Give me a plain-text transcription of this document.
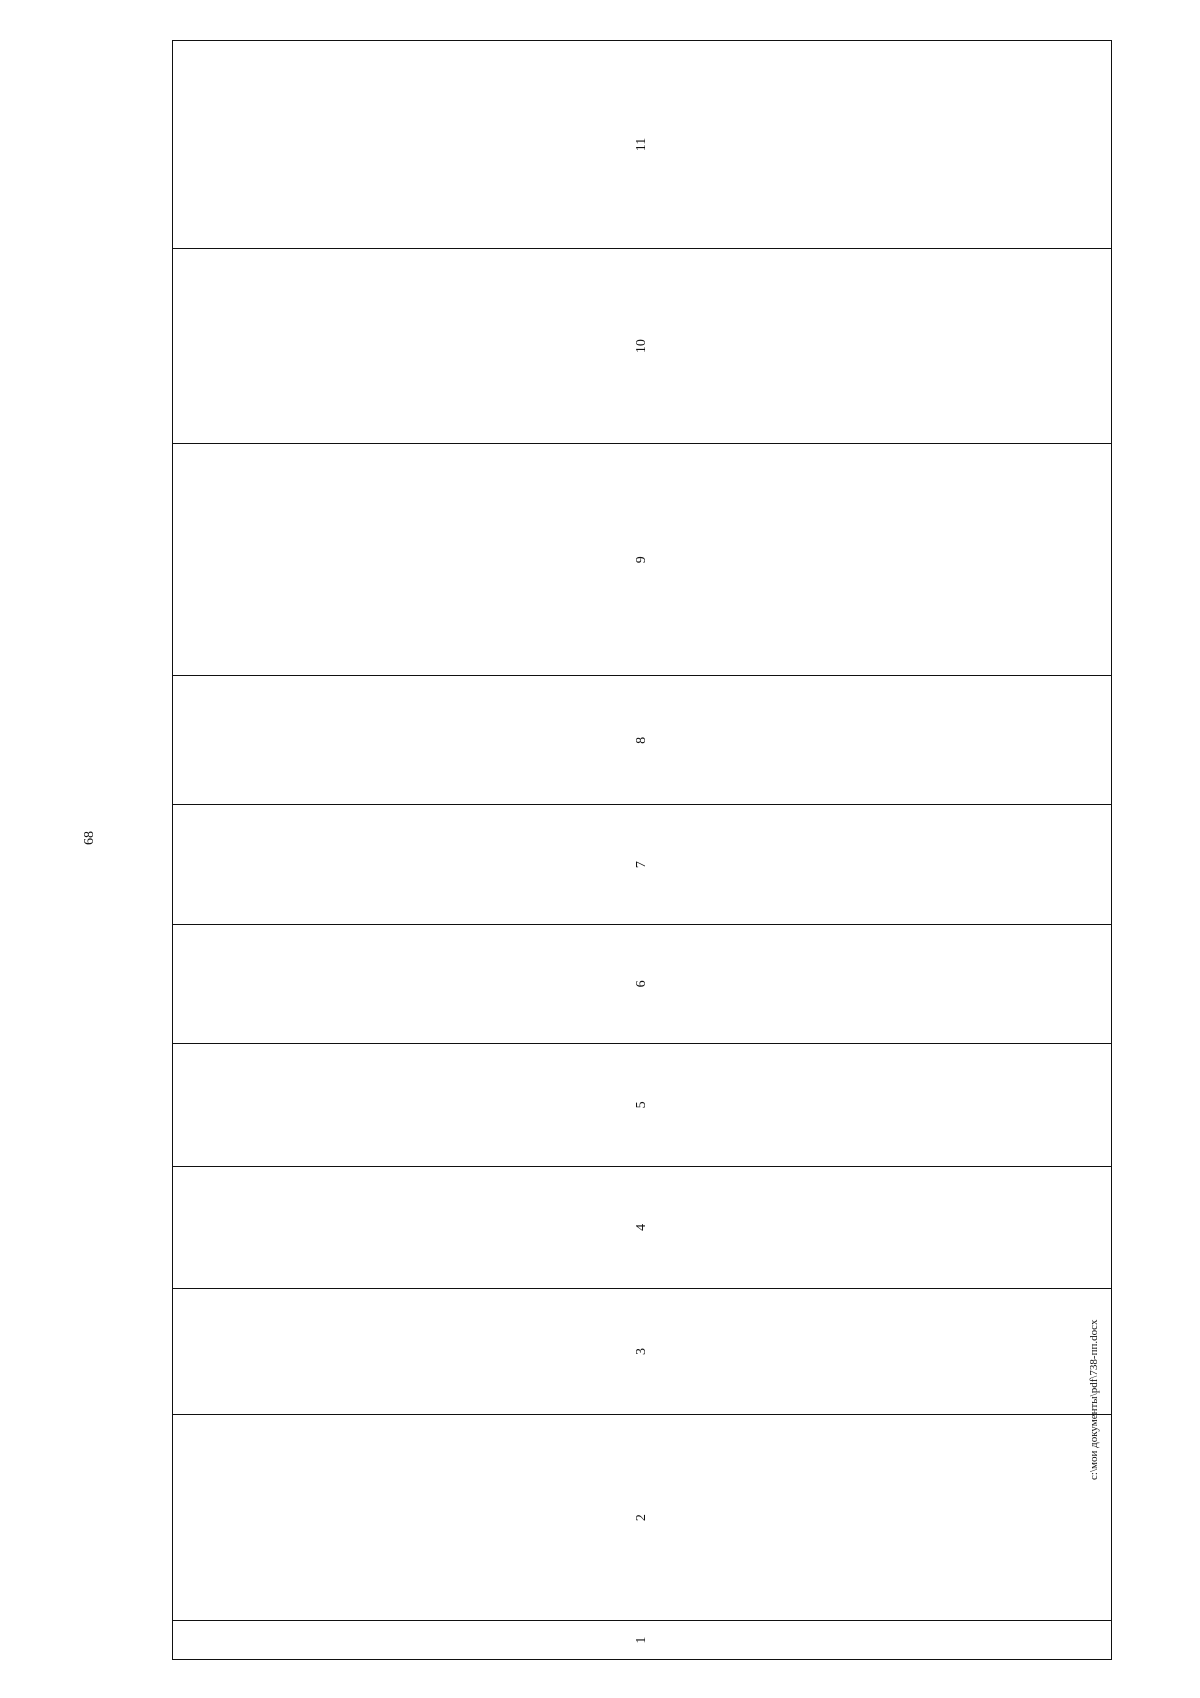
68
1	2	3	4	5	6	7	8	9	10	11
c:\мои документы\pdf\738-пп.docx
